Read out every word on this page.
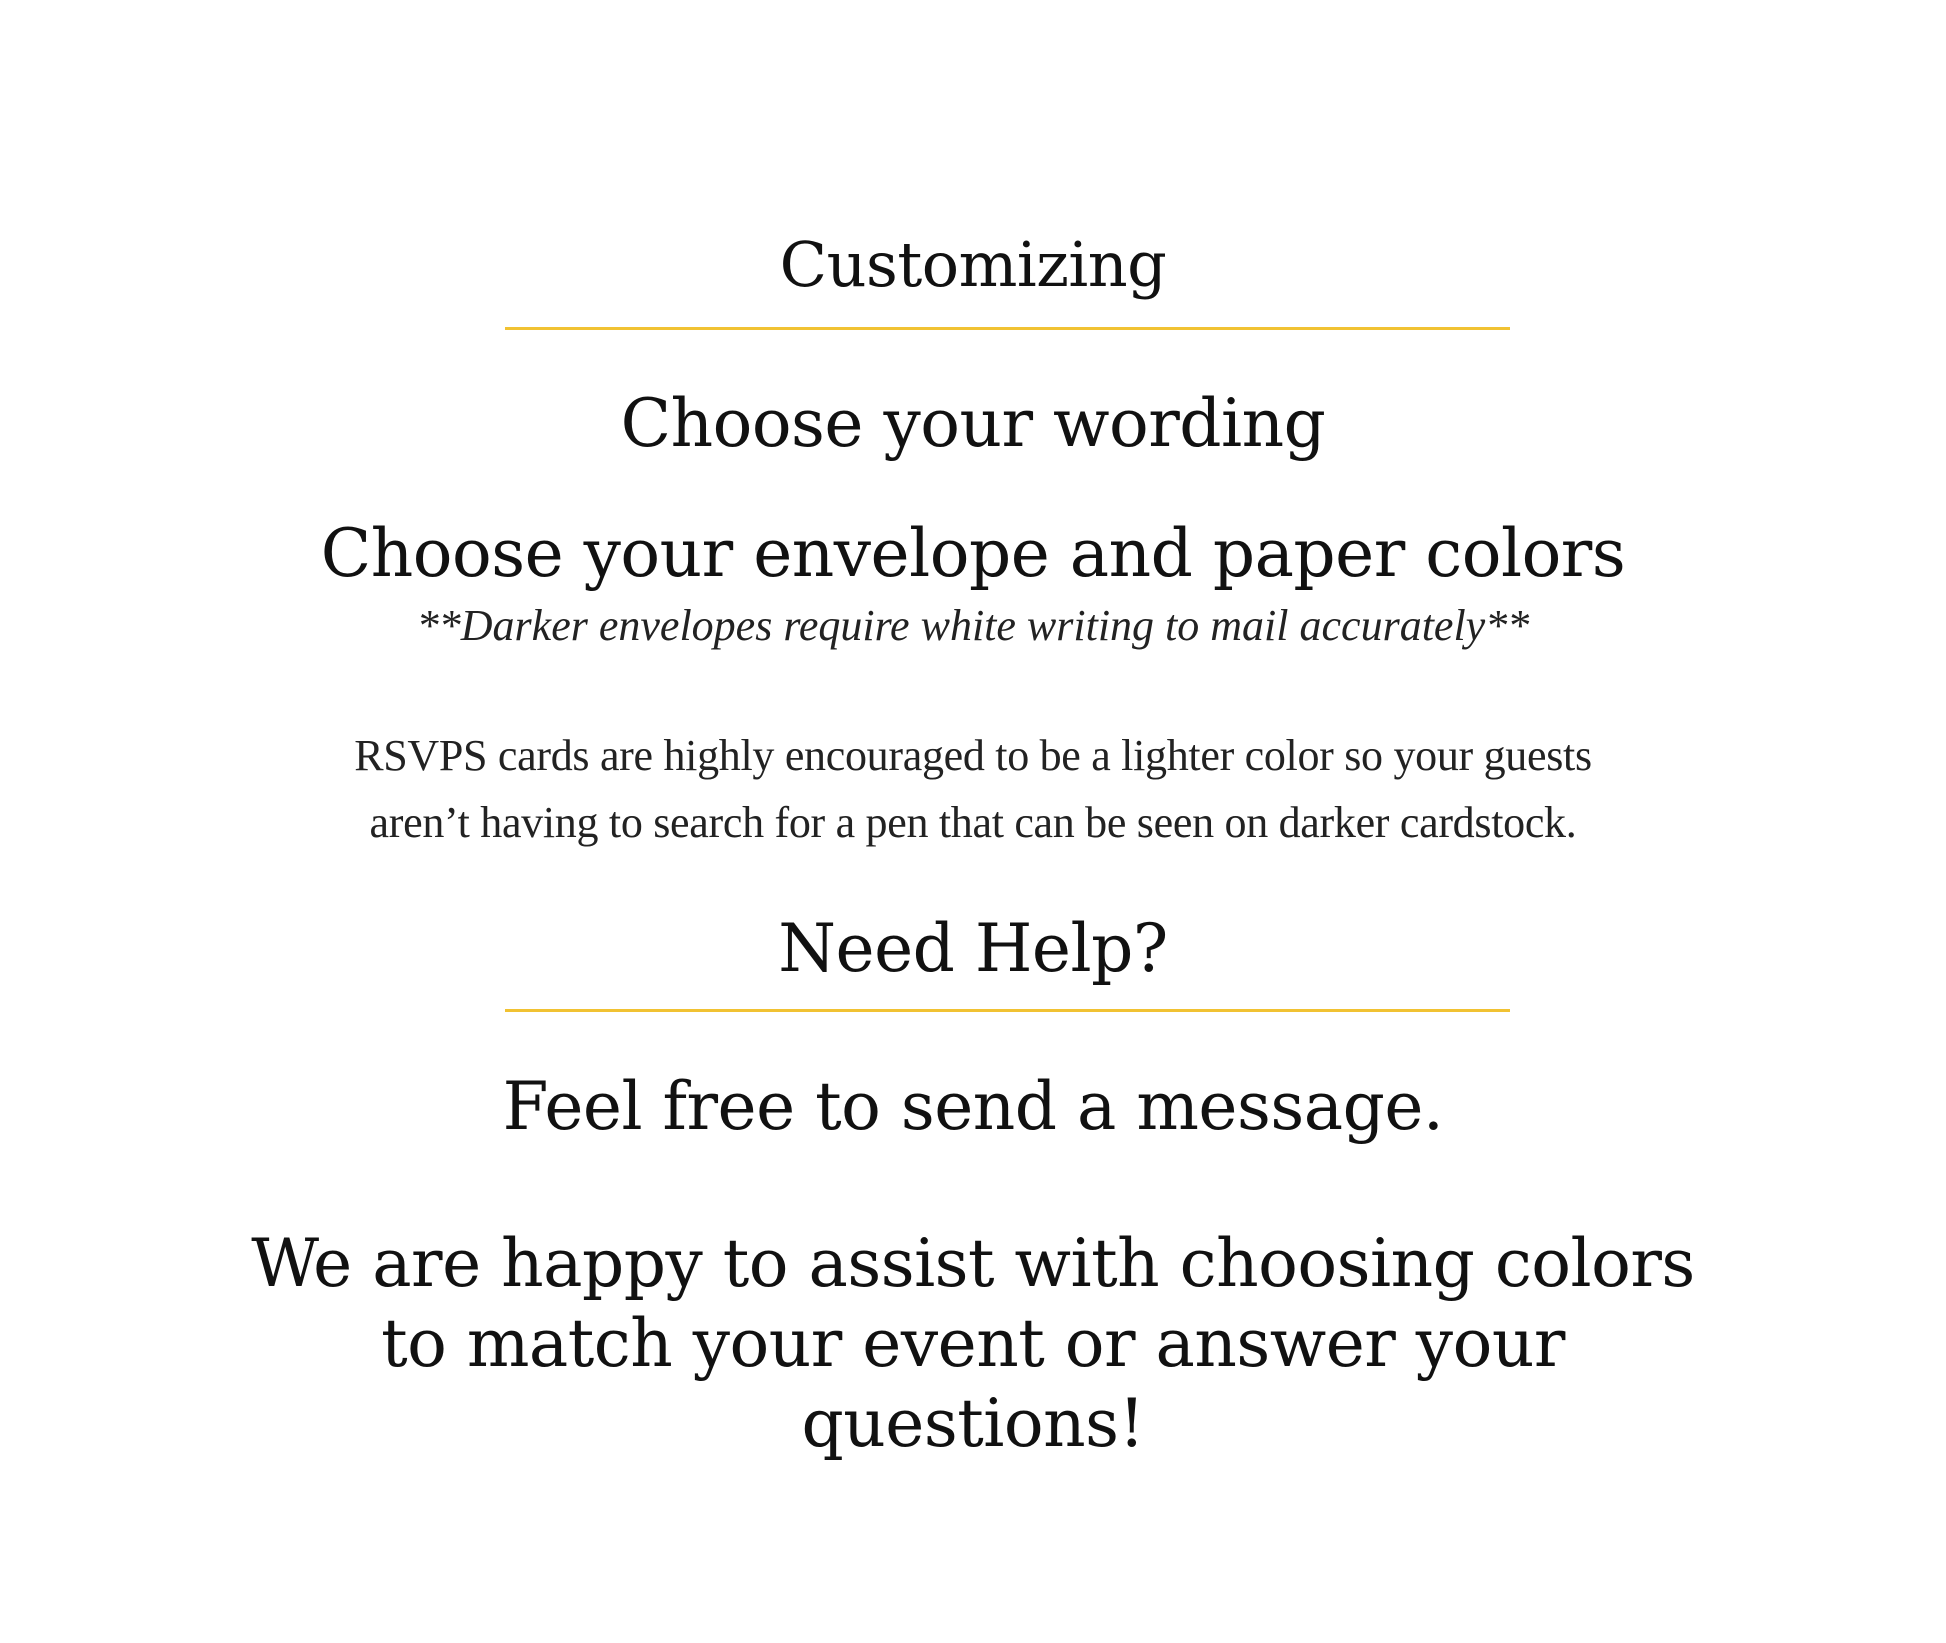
Customizing
Choose your wording
Choose your envelope and paper colors

**Darker envelopes require white writing to mail accurately**

RSVPS cards are highly encouraged to be a lighter color so your guests

aren’t having to search for a pen that can be seen on darker cardstock.

Need Help?

Feel free to send a message.

We are happy to assist with choosing colors

to match your event or answer your

questions!
